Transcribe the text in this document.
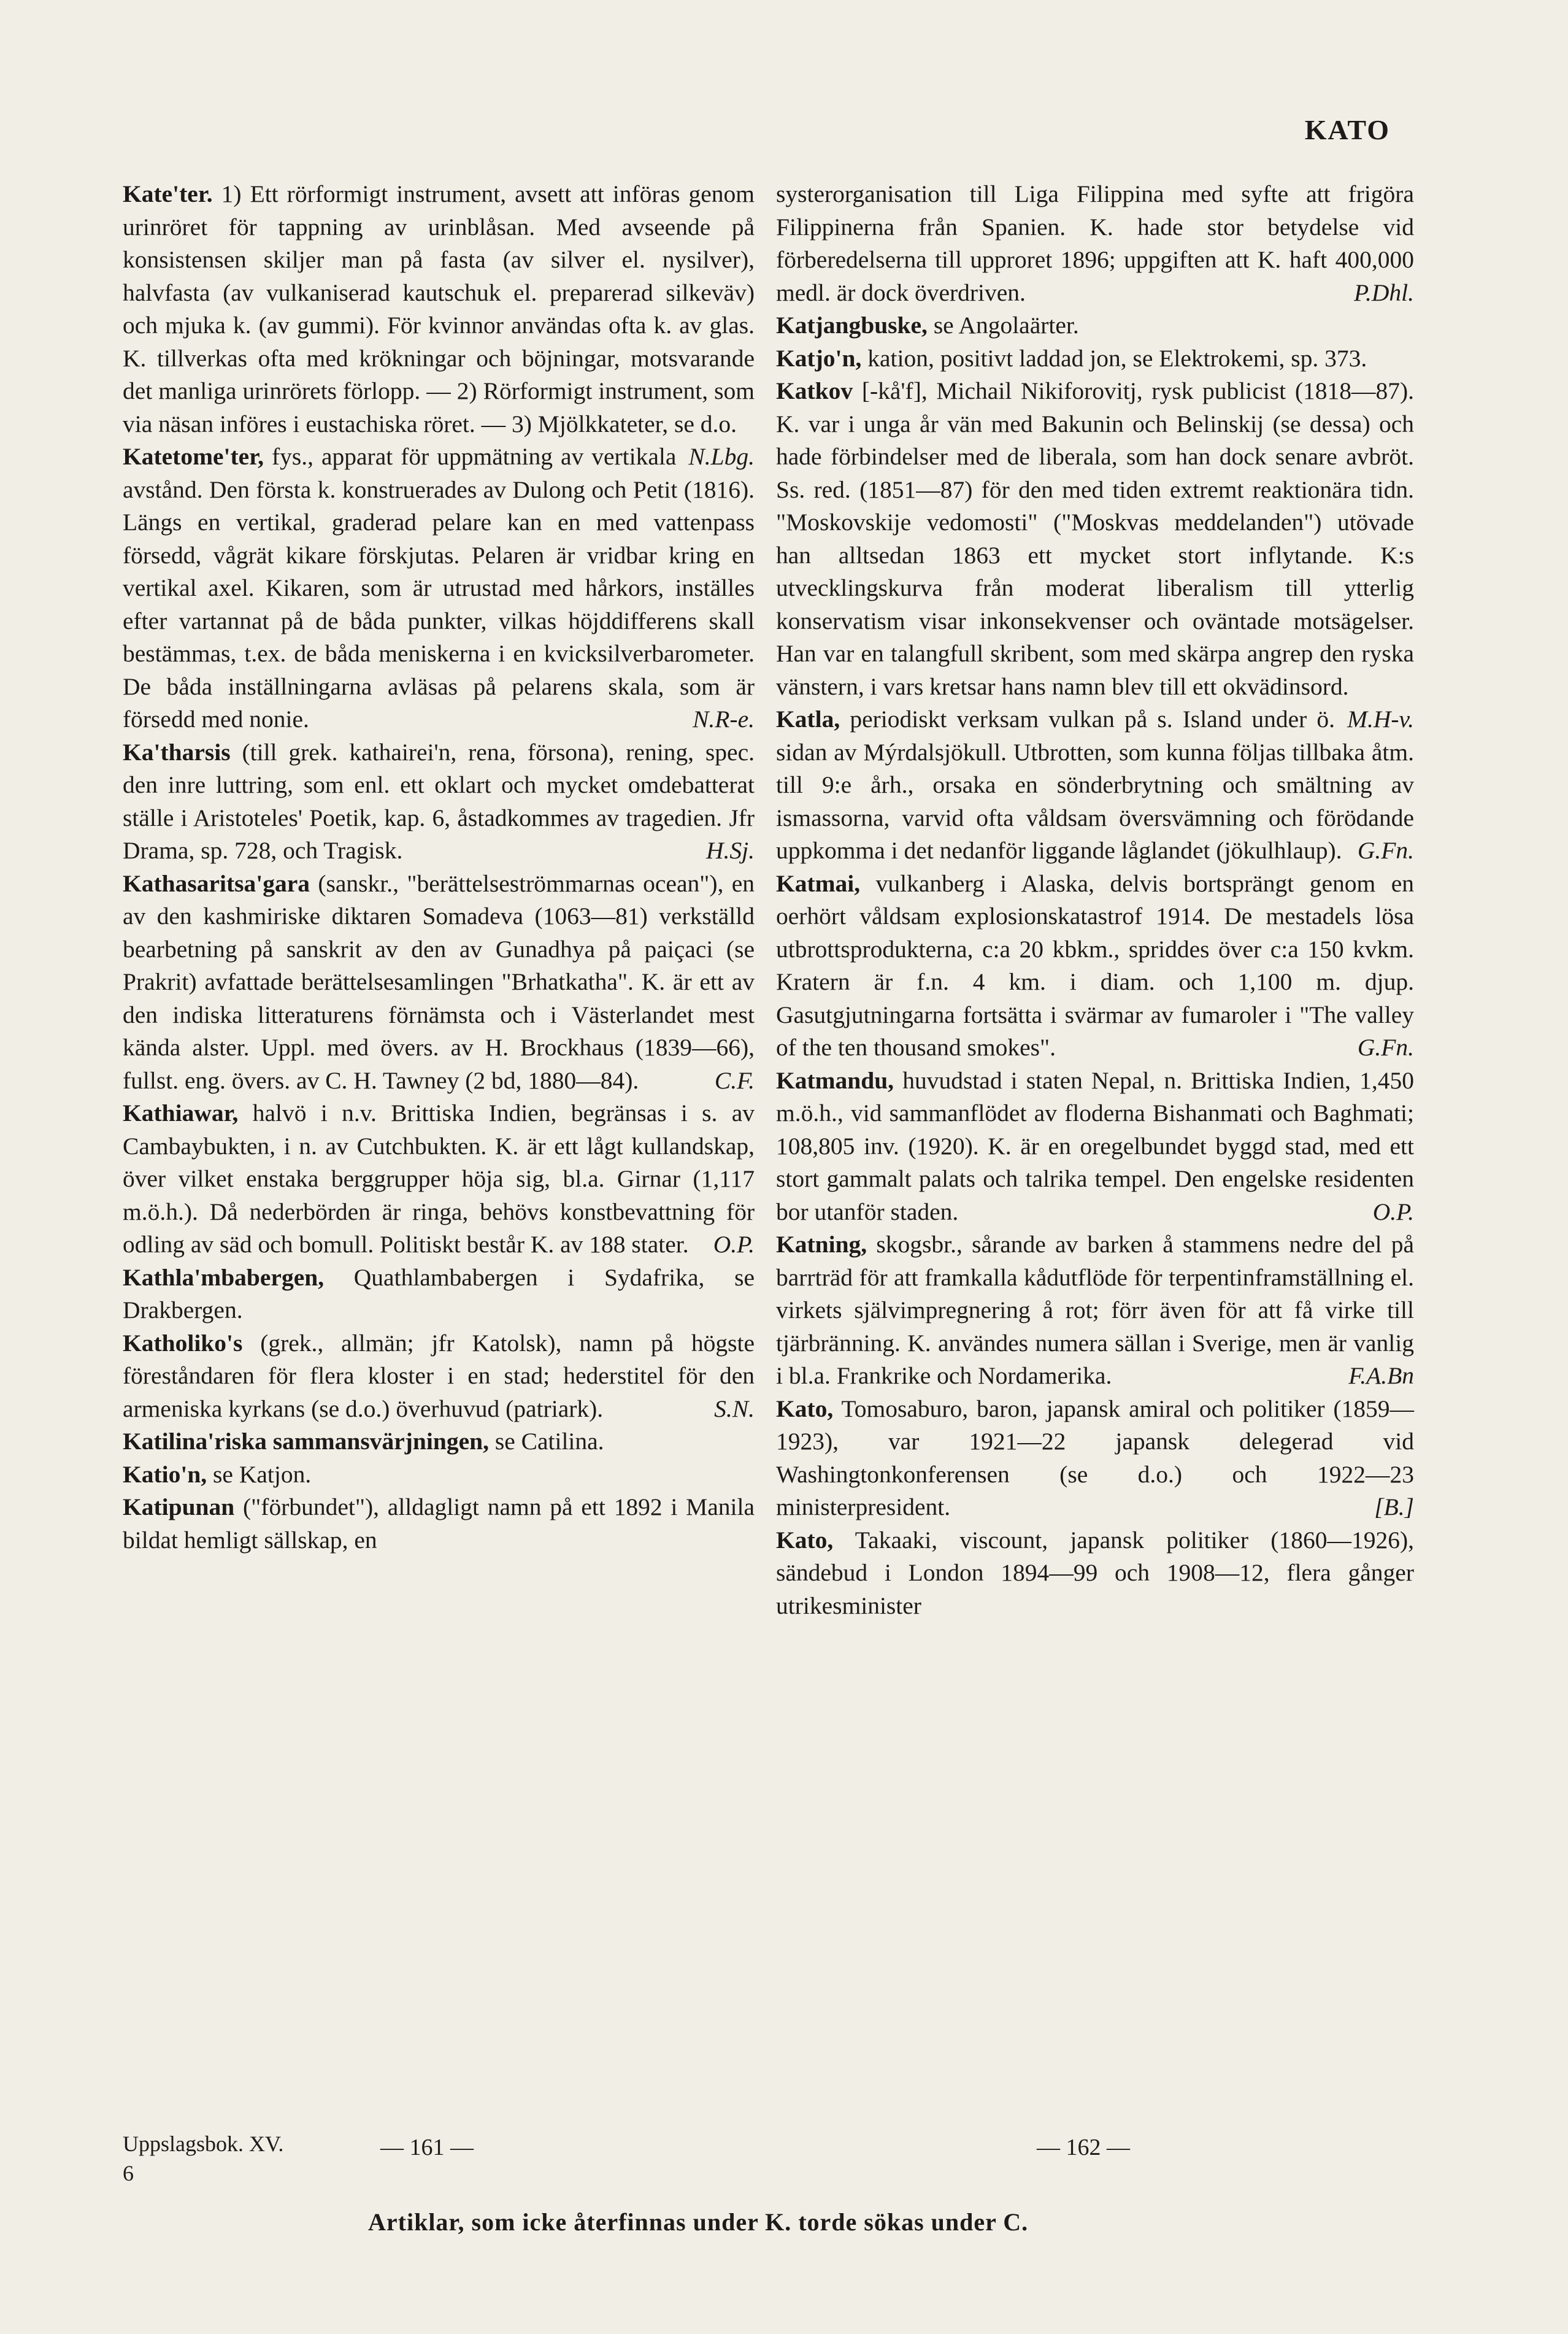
KATO

Kate'ter. 1) Ett rörformigt instrument, avsett att införas genom urinröret för tappning av urinblåsan. Med avseende på konsistensen skiljer man på fasta (av silver el. nysilver), halvfasta (av vulkaniserad kautschuk el. preparerad silkeväv) och mjuka k. (av gummi). För kvinnor användas ofta k. av glas. K. tillverkas ofta med krökningar och böjningar, motsvarande det manliga urinrörets förlopp. — 2) Rörformigt instrument, som via näsan införes i eustachiska röret. — 3) Mjölkkateter, se d.o.
N.Lbg.

Katetome'ter, fys., apparat för uppmätning av vertikala avstånd. Den första k. konstruerades av Dulong och Petit (1816). Längs en vertikal, graderad pelare kan en med vattenpass försedd, vågrät kikare förskjutas. Pelaren är vridbar kring en vertikal axel. Kikaren, som är utrustad med hårkors, inställes efter vartannat på de båda punkter, vilkas höjddifferens skall bestämmas, t.ex. de båda meniskerna i en kvicksilverbarometer. De båda inställningarna avläsas på pelarens skala, som är försedd med nonie.	N.R-e.

Ka'tharsis (till grek. kathairei'n, rena, försona), rening, spec. den inre luttring, som enl. ett oklart och mycket omdebatterat ställe i Aristoteles' Poetik, kap. 6, åstadkommes av tragedien. Jfr Drama, sp. 728, och Tragisk.	H.Sj.

Kathasaritsa'gara (sanskr., "berättelseströmmarnas ocean"), en av den kashmiriske diktaren Somadeva (1063—81) verkställd bearbetning på sanskrit av den av Gunadhya på paiçaci (se Prakrit) avfattade berättelsesamlingen "Brhatkatha". K. är ett av den indiska litteraturens förnämsta och i Västerlandet mest kända alster. Uppl. med övers. av H. Brockhaus (1839—66), fullst. eng. övers. av C. H. Tawney (2 bd, 1880—84).	C.F.

Kathiawar, halvö i n.v. Brittiska Indien, begränsas i s. av Cambaybukten, i n. av Cutchbukten. K. är ett lågt kullandskap, över vilket enstaka berggrupper höja sig, bl.a. Girnar (1,117 m.ö.h.). Då nederbörden är ringa, behövs konstbevattning för odling av säd och bomull. Politiskt består K. av 188 stater.	O.P.

Kathla'mbabergen, Quathlambabergen i Sydafrika, se Drakbergen.

Katholiko's (grek., allmän; jfr Katolsk), namn på högste föreståndaren för flera kloster i en stad; hederstitel för den armeniska kyrkans (se d.o.) överhuvud (patriark).	S.N.

Katilina'riska sammansvärjningen, se Catilina.

Katio'n, se Katjon.

Katipunan ("förbundet"), alldagligt namn på ett 1892 i Manila bildat hemligt sällskap, en

systerorganisation till Liga Filippina med syfte att frigöra Filippinerna från Spanien. K. hade stor betydelse vid förberedelserna till upproret 1896; uppgiften att K. haft 400,000 medl. är dock överdriven.	P.Dhl.

Katjangbuske, se Angolaärter.

Katjo'n, kation, positivt laddad jon, se Elektrokemi, sp. 373.

Katkov [-kå'f], Michail Nikiforovitj, rysk publicist (1818—87). K. var i unga år vän med Bakunin och Belinskij (se dessa) och hade förbindelser med de liberala, som han dock senare avbröt. Ss. red. (1851—87) för den med tiden extremt reaktionära tidn. "Moskovskije vedomosti" ("Moskvas meddelanden") utövade han alltsedan 1863 ett mycket stort inflytande. K:s utvecklingskurva från moderat liberalism till ytterlig konservatism visar inkonsekvenser och oväntade motsägelser. Han var en talangfull skribent, som med skärpa angrep den ryska vänstern, i vars kretsar hans namn blev till ett okvädinsord.
M.H-v.

Katla, periodiskt verksam vulkan på s. Island under ö. sidan av Mýrdalsjökull. Utbrotten, som kunna följas tillbaka åtm. till 9:e årh., orsaka en sönderbrytning och smältning av ismassorna, varvid ofta våldsam översvämning och förödande uppkomma i det nedanför liggande låglandet (jökulhlaup). G.Fn.

Katmai, vulkanberg i Alaska, delvis bortsprängt genom en oerhört våldsam explosionskatastrof 1914. De mestadels lösa utbrottsprodukterna, c:a 20 kbkm., spriddes över c:a 150 kvkm. Kratern är f.n. 4 km. i diam. och 1,100 m. djup. Gasutgjutningarna fortsätta i svärmar av fumaroler i "The valley of the ten thousand smokes".	G.Fn.

Katmandu, huvudstad i staten Nepal, n. Brittiska Indien, 1,450 m.ö.h., vid sammanflödet av floderna Bishanmati och Baghmati; 108,805 inv. (1920). K. är en oregelbundet byggd stad, med ett stort gammalt palats och talrika tempel. Den engelske residenten bor utanför staden.	O.P.

Katning, skogsbr., sårande av barken å stammens nedre del på barrträd för att framkalla kådutflöde för terpentinframställning el. virkets självimpregnering å rot; förr även för att få virke till tjärbränning. K. användes numera sällan i Sverige, men är vanlig i bl.a. Frankrike och Nordamerika.	F.A.Bn

Kato, Tomosaburo, baron, japansk amiral och politiker (1859—1923), var 1921—22 japansk delegerad vid Washingtonkonferensen (se d.o.) och 1922—23 ministerpresident.	[B.]

Kato, Takaaki, viscount, japansk politiker (1860—1926), sändebud i London 1894—99 och 1908—12, flera gånger utrikesminister

Uppslagsbok. XV.
6
— 161 —	— 162 —
Artiklar, som icke återfinnas under K. torde sökas under C.
